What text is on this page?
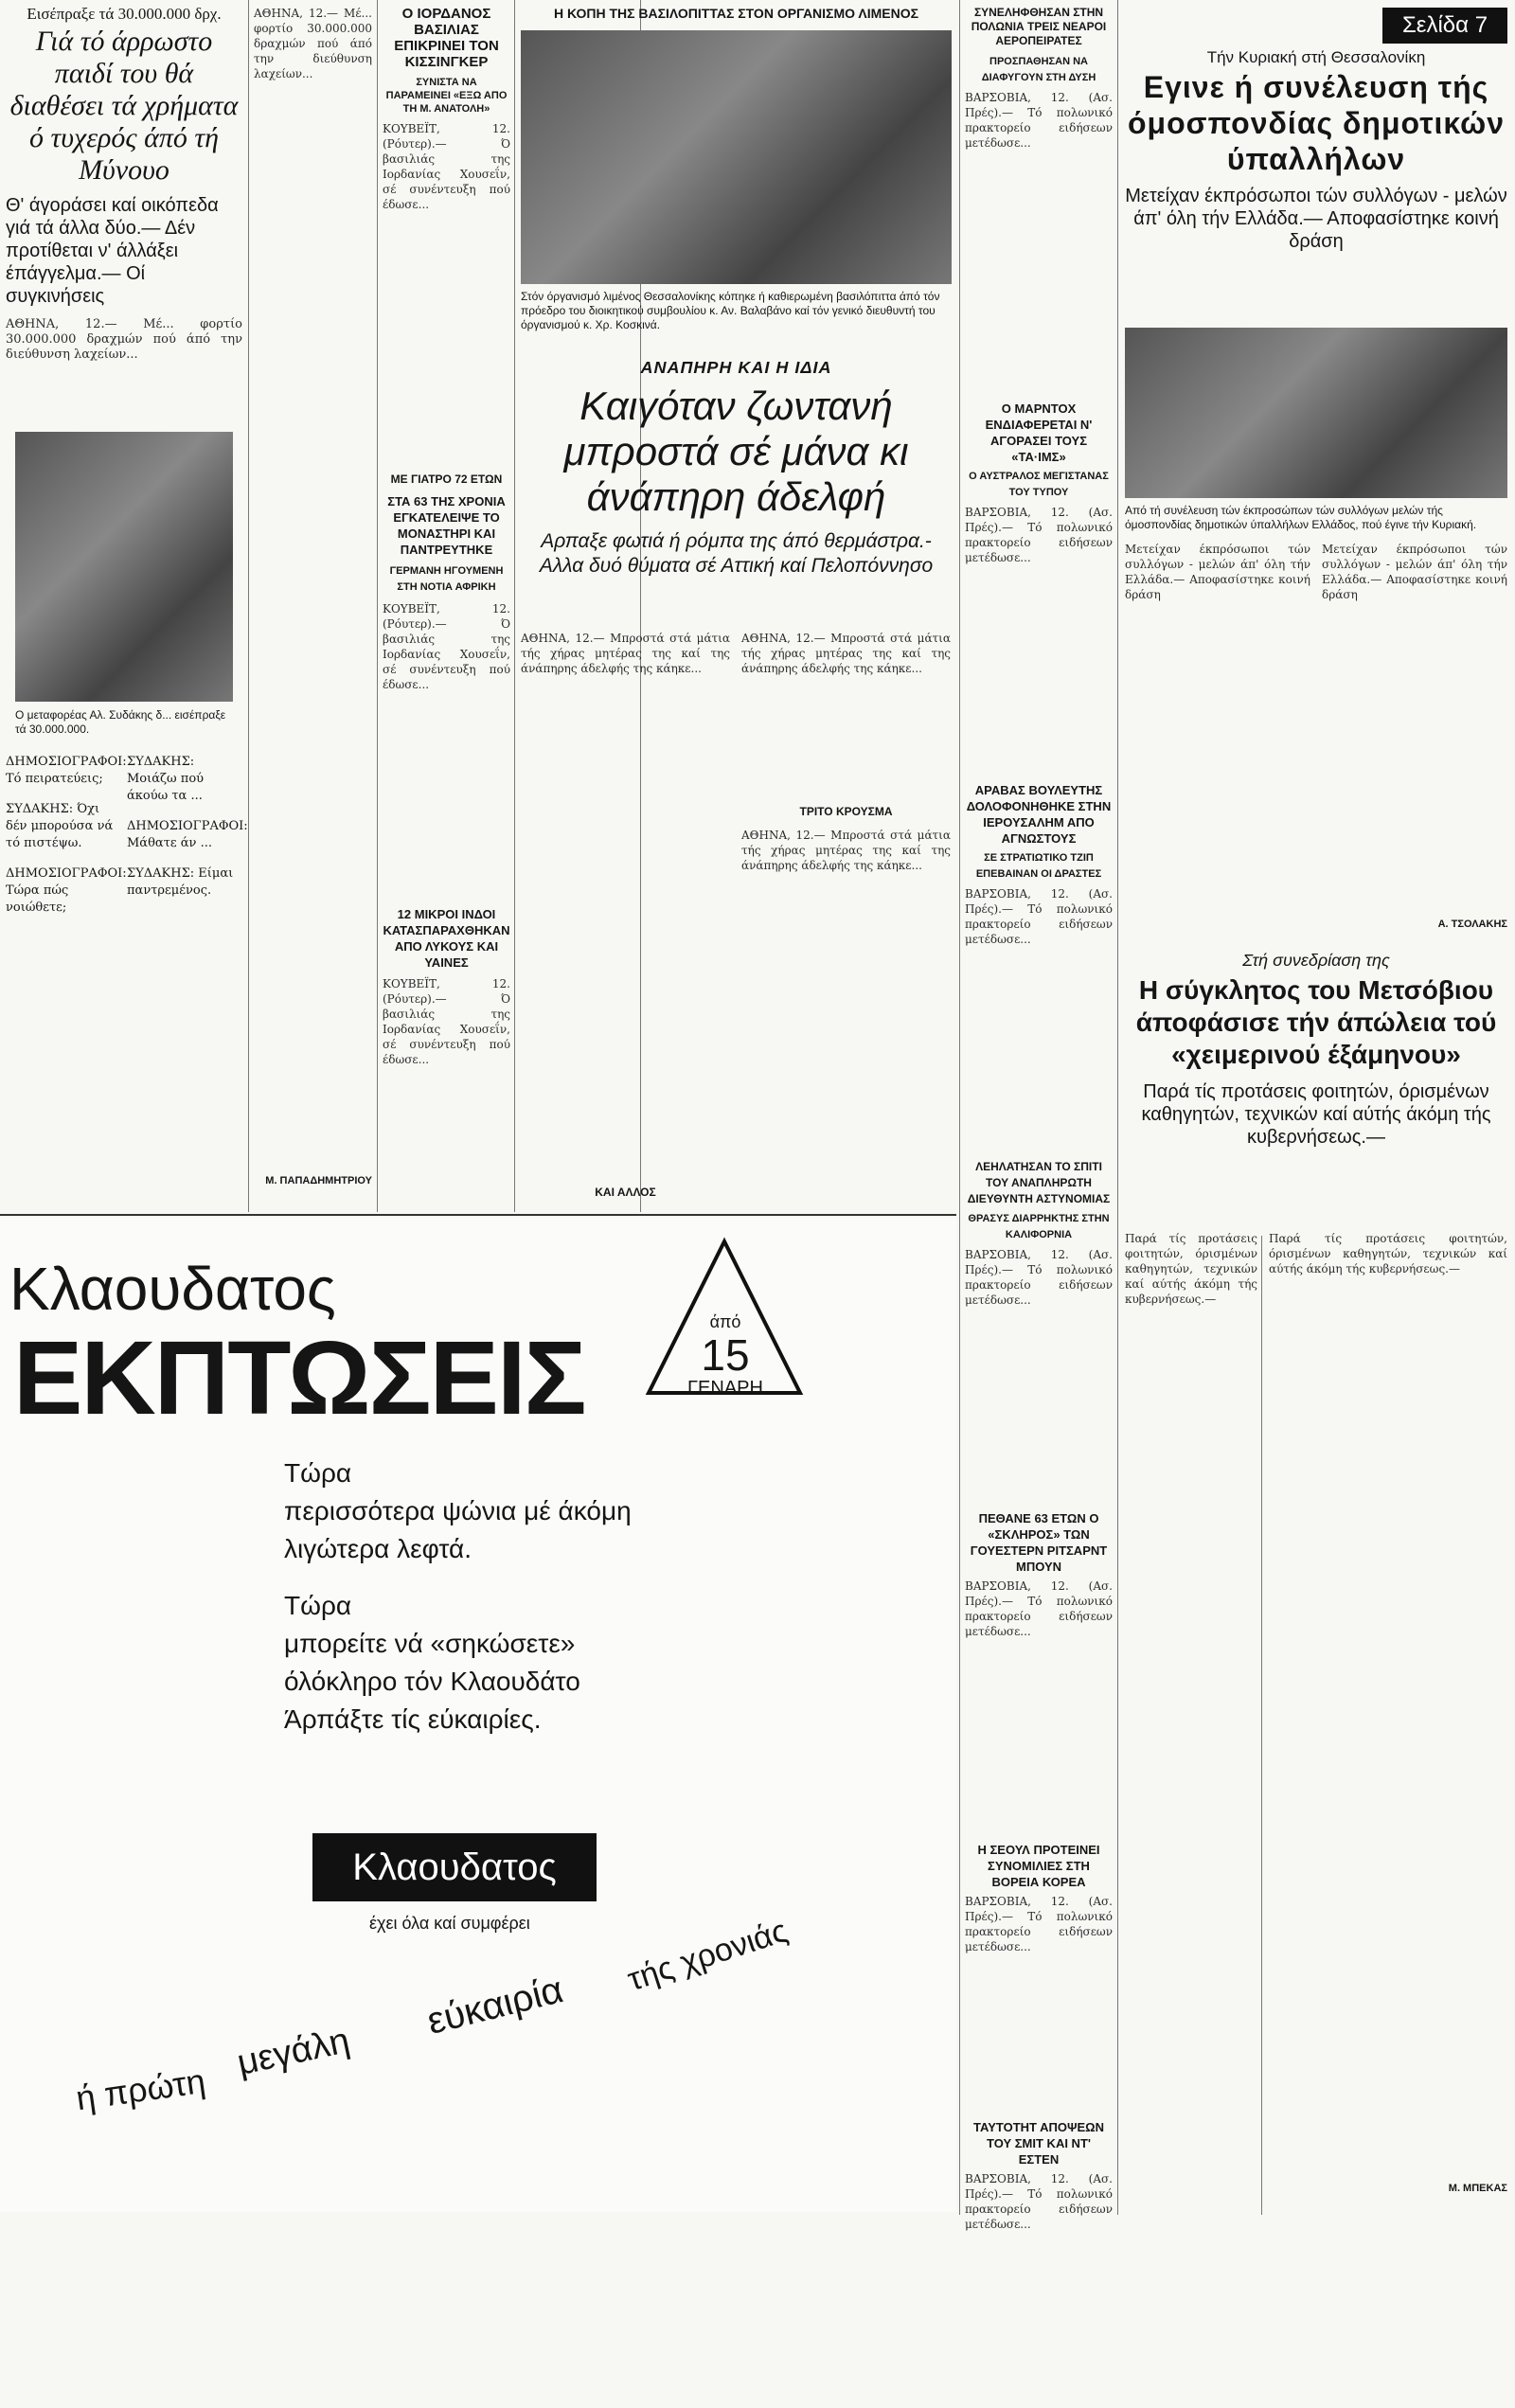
Εισέπραξε τά 30.000.000 δρχ.
Γιά τό άρρωστο παιδί του θά διαθέσει τά χρήματα ό τυχερός άπό τή Μύνουο
Θ' άγοράσει καί οικόπεδα γιά τά άλλα δύο.— Δέν προτίθεται ν' άλλάξει έπάγγελμα.— Οί συγκινήσεις
ΑΘΗΝΑ, 12.— Μέ... φορτίο 30.000.000 δραχμών πού άπό την διεύθυνση λαχείων...
Ο μεταφορέας Αλ. Συδάκης δ... εισέπραξε τά 30.000.000.
ΔΗΜΟΣΙΟΓΡΑΦΟΙ: Τό πειρατεύεις;
ΣΥΔΑΚΗΣ: Όχι δέν μπορούσα νά τό πιστέψω.
ΔΗΜΟΣΙΟΓΡΑΦΟΙ: Τώρα πώς νοιώθετε;
ΣΥΔΑΚΗΣ: Μοιάζω πού άκούω τα ...
ΔΗΜΟΣΙΟΓΡΑΦΟΙ: Μάθατε άν ...
ΣΥΔΑΚΗΣ: Είμαι παντρεμένος.
ΑΘΗΝΑ, 12.— Μέ... φορτίο 30.000.000 δραχμών πού άπό την διεύθυνση λαχείων...
Μ. ΠΑΠΑΔΗΜΗΤΡΙΟΥ
Ο ΙΟΡΔΑΝΟΣ ΒΑΣΙΛΙΑΣ ΕΠΙΚΡΙΝΕΙ ΤΟΝ ΚΙΣΣΙΝΓΚΕΡ
ΣΥΝΙΣΤΑ ΝΑ ΠΑΡΑΜΕΙΝΕΙ «ΕΞΩ ΑΠΟ ΤΗ Μ. ΑΝΑΤΟΛΗ»
ΚΟΥΒΕΪΤ, 12. (Ρόυτερ).— Ό βασιλιάς της Ιορδανίας Χουσεΐν, σέ συνέντευξη πού έδωσε...
ΜΕ ΓΙΑΤΡΟ 72 ΕΤΩΝ
ΣΤΑ 63 ΤΗΣ ΧΡΟΝΙΑ ΕΓΚΑΤΕΛΕΙΨΕ ΤΟ ΜΟΝΑΣΤΗΡΙ ΚΑΙ ΠΑΝΤΡΕΥΤΗΚΕ
ΓΕΡΜΑΝΗ ΗΓΟΥΜΕΝΗ ΣΤΗ ΝΟΤΙΑ ΑΦΡΙΚΗ
ΚΟΥΒΕΪΤ, 12. (Ρόυτερ).— Ό βασιλιάς της Ιορδανίας Χουσεΐν, σέ συνέντευξη πού έδωσε...
12 ΜΙΚΡΟΙ ΙΝΔΟΙ ΚΑΤΑΣΠΑΡΑΧΘΗΚΑΝ ΑΠΟ ΛΥΚΟΥΣ ΚΑΙ ΥΑΙΝΕΣ
ΚΟΥΒΕΪΤ, 12. (Ρόυτερ).— Ό βασιλιάς της Ιορδανίας Χουσεΐν, σέ συνέντευξη πού έδωσε...
Η ΚΟΠΗ ΤΗΣ ΒΑΣΙΛΟΠΙΤΤΑΣ ΣΤΟΝ ΟΡΓΑΝΙΣΜΟ ΛΙΜΕΝΟΣ
Στόν όργανισμό λιμένος Θεσσαλονίκης κόπηκε ή καθιερωμένη βασιλόπιττα άπό τόν πρόεδρο του διοικητικού συμβουλίου κ. Αν. Βαλαβάνο καί τόν γενικό διευθυντή του όργανισμού κ. Χρ. Κοσκινά.
ΑΝΑΠΗΡΗ ΚΑΙ Η ΙΔΙΑ
Καιγόταν ζωντανή μπροστά σέ μάνα κι άνάπηρη άδελφή
Αρπαξε φωτιά ή ρόμπα της άπό θερμάστρα.- Αλλα δυό θύματα σέ Αττική καί Πελοπόννησο
ΑΘΗΝΑ, 12.— Μπροστά στά μάτια τής χήρας μητέρας της καί της άνάπηρης άδελφής της κάηκε...
ΑΘΗΝΑ, 12.— Μπροστά στά μάτια τής χήρας μητέρας της καί της άνάπηρης άδελφής της κάηκε...
ΤΡΙΤΟ ΚΡΟΥΣΜΑ
ΑΘΗΝΑ, 12.— Μπροστά στά μάτια τής χήρας μητέρας της καί της άνάπηρης άδελφής της κάηκε...
ΚΑΙ ΑΛΛΟΣ
ΣΥΝΕΛΗΦΘΗΣΑΝ ΣΤΗΝ ΠΟΛΩΝΙΑ ΤΡΕΙΣ ΝΕΑΡΟΙ ΑΕΡΟΠΕΙΡΑΤΕΣ
ΠΡΟΣΠΑΘΗΣΑΝ ΝΑ ΔΙΑΦΥΓΟΥΝ ΣΤΗ ΔΥΣΗ
ΒΑΡΣΟΒΙΑ, 12. (Ασ. Πρές).— Τό πολωνικό πρακτορείο ειδήσεων μετέδωσε...
Ο ΜΑΡΝΤΟΧ ΕΝΔΙΑΦΕΡΕΤΑΙ Ν' ΑΓΟΡΑΣΕΙ ΤΟΥΣ «ΤΑ·ΙΜΣ»
Ο ΑΥΣΤΡΑΛΟΣ ΜΕΓΙΣΤΑΝΑΣ ΤΟΥ ΤΥΠΟΥ
ΒΑΡΣΟΒΙΑ, 12. (Ασ. Πρές).— Τό πολωνικό πρακτορείο ειδήσεων μετέδωσε...
ΑΡΑΒΑΣ ΒΟΥΛΕΥΤΗΣ ΔΟΛΟΦΟΝΗΘΗΚΕ ΣΤΗΝ ΙΕΡΟΥΣΑΛΗΜ ΑΠΟ ΑΓΝΩΣΤΟΥΣ
ΣΕ ΣΤΡΑΤΙΩΤΙΚΟ ΤΖΙΠ ΕΠΕΒΑΙΝΑΝ ΟΙ ΔΡΑΣΤΕΣ
ΒΑΡΣΟΒΙΑ, 12. (Ασ. Πρές).— Τό πολωνικό πρακτορείο ειδήσεων μετέδωσε...
ΛΕΗΛΑΤΗΣΑΝ ΤΟ ΣΠΙΤΙ ΤΟΥ ΑΝΑΠΛΗΡΩΤΗ ΔΙΕΥΘΥΝΤΗ ΑΣΤΥΝΟΜΙΑΣ
ΘΡΑΣΥΣ ΔΙΑΡΡΗΚΤΗΣ ΣΤΗΝ ΚΑΛΙΦΟΡΝΙΑ
ΒΑΡΣΟΒΙΑ, 12. (Ασ. Πρές).— Τό πολωνικό πρακτορείο ειδήσεων μετέδωσε...
ΠΕΘΑΝΕ 63 ΕΤΩΝ Ο «ΣΚΛΗΡΟΣ» ΤΩΝ ΓΟΥΕΣΤΕΡΝ ΡΙΤΣΑΡΝΤ ΜΠΟΥΝ
ΒΑΡΣΟΒΙΑ, 12. (Ασ. Πρές).— Τό πολωνικό πρακτορείο ειδήσεων μετέδωσε...
Η ΣΕΟΥΛ ΠΡΟΤΕΙΝΕΙ ΣΥΝΟΜΙΛΙΕΣ ΣΤΗ ΒΟΡΕΙΑ ΚΟΡΕΑ
ΒΑΡΣΟΒΙΑ, 12. (Ασ. Πρές).— Τό πολωνικό πρακτορείο ειδήσεων μετέδωσε...
ΤΑΥΤΟΤΗΤ ΑΠΟΨΕΩΝ ΤΟΥ ΣΜΙΤ ΚΑΙ ΝΤ' ΕΣΤΕΝ
ΒΑΡΣΟΒΙΑ, 12. (Ασ. Πρές).— Τό πολωνικό πρακτορείο ειδήσεων μετέδωσε...
Σελίδα 7
Τήν Κυριακή στή Θεσσαλονίκη
Εγινε ή συνέλευση τής όμοσπονδίας δημοτικών ύπαλλήλων
Μετείχαν έκπρόσωποι τών συλλόγων - μελών άπ' όλη τήν Ελλάδα.— Αποφασίστηκε κοινή δράση
Από τή συνέλευση τών έκπροσώπων τών συλλόγων μελών τής όμοσπονδίας δημοτικών ύπαλλήλων Ελλάδος, πού έγινε τήν Κυριακή.
Μετείχαν έκπρόσωποι τών συλλόγων - μελών άπ' όλη τήν Ελλάδα.— Αποφασίστηκε κοινή δράση
Μετείχαν έκπρόσωποι τών συλλόγων - μελών άπ' όλη τήν Ελλάδα.— Αποφασίστηκε κοινή δράση
Α. ΤΣΟΛΑΚΗΣ
Στή συνεδρίαση της
Η σύγκλητος του Μετσόβιου άποφάσισε τήν άπώλεια τού «χειμερινού έξάμηνου»
Παρά τίς προτάσεις φοιτητών, όρισμένων καθηγητών, τεχνικών καί αύτής άκόμη τής κυβερνήσεως.—
Παρά τίς προτάσεις φοιτητών, όρισμένων καθηγητών, τεχνικών καί αύτής άκόμη τής κυβερνήσεως.—
Παρά τίς προτάσεις φοιτητών, όρισμένων καθηγητών, τεχνικών καί αύτής άκόμη τής κυβερνήσεως.—
Μ. ΜΠΕΚΑΣ
Κλαουδατος
ΕΚΠΤΩΣΕΙΣ	άπό
15
ΓΕΝΑΡΗ
Τώρα
περισσότερα ψώνια μέ άκόμη
λιγώτερα λεφτά.
Τώρα
μπορείτε νά «σηκώσετε»
όλόκληρο τόν Κλαουδάτο
Άρπάξτε τίς εύκαιρίες.
Κλαουδατος
έχει όλα καί συμφέρει
ή πρώτη
μεγάλη
εύκαιρία
τής χρονιάς
